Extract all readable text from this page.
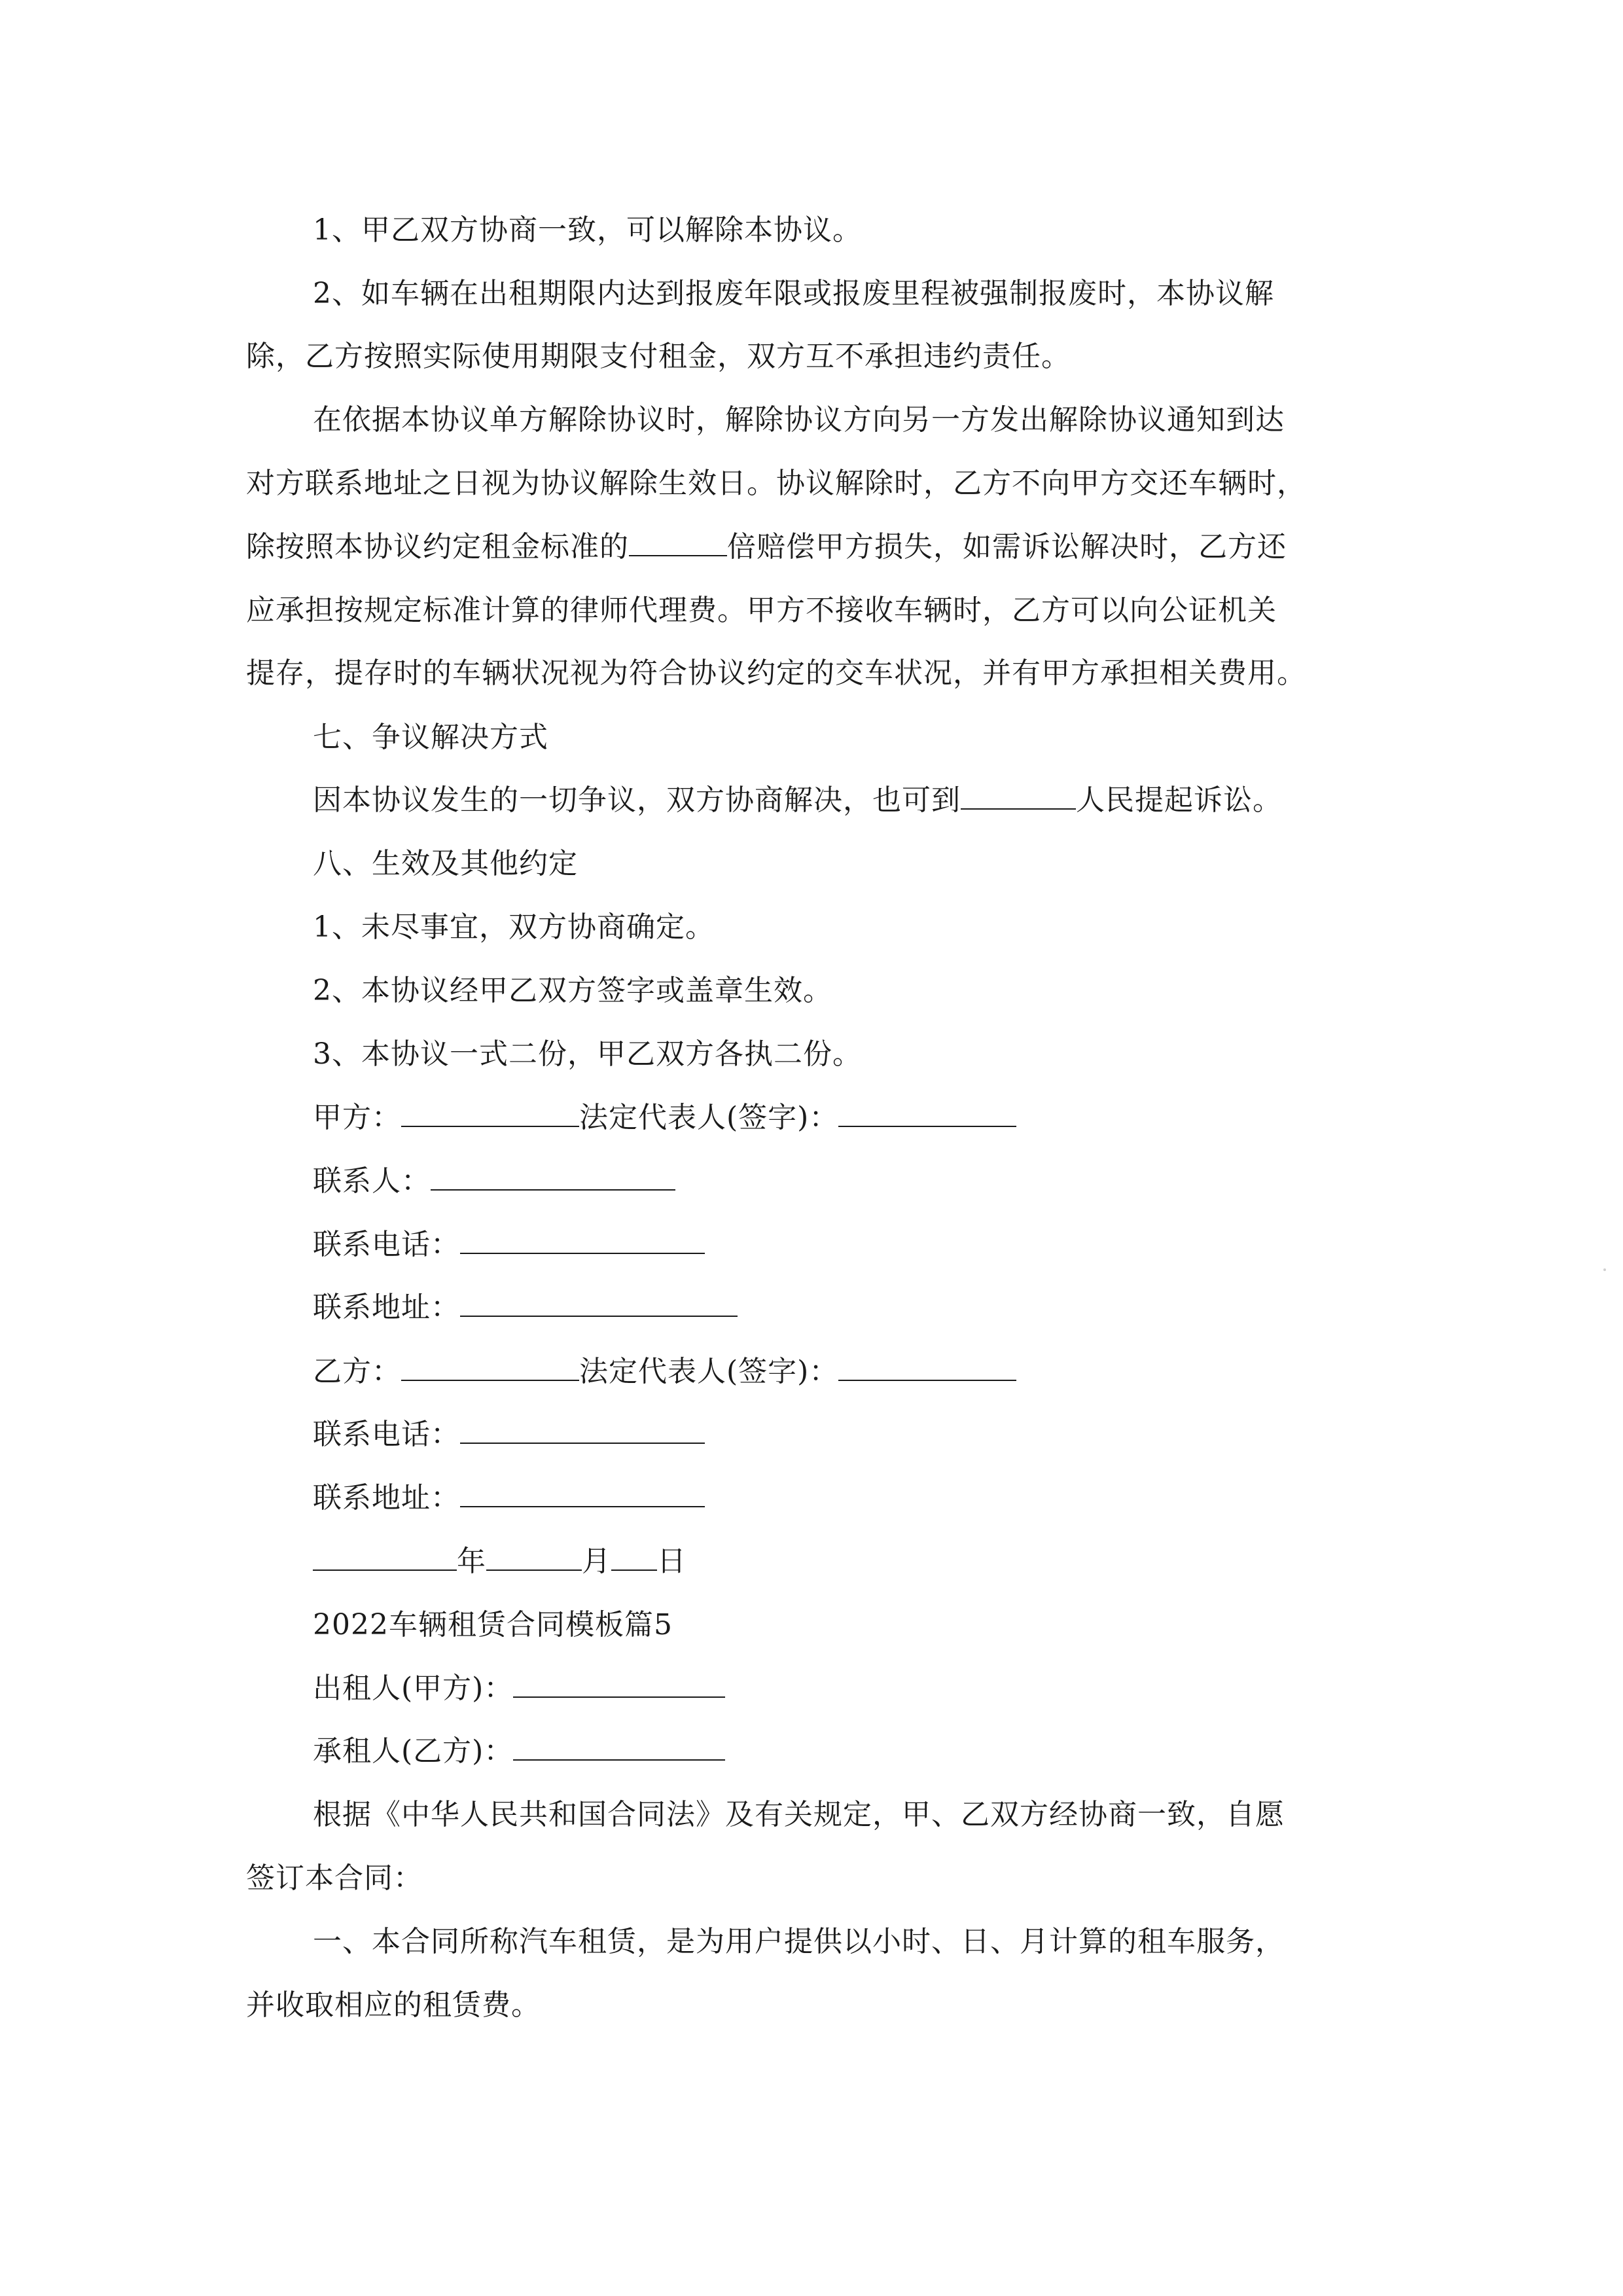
1、甲乙双方协商一致，可以解除本协议。
2、如车辆在出租期限内达到报废年限或报废里程被强制报废时，本协议解
除，乙方按照实际使用期限支付租金，双方互不承担违约责任。
在依据本协议单方解除协议时，解除协议方向另一方发出解除协议通知到达
对方联系地址之日视为协议解除生效日。协议解除时，乙方不向甲方交还车辆时，
除按照本协议约定租金标准的	倍赔偿甲方损失，如需诉讼解决时，乙方还
应承担按规定标准计算的律师代理费。甲方不接收车辆时，乙方可以向公证机关
提存，提存时的车辆状况视为符合协议约定的交车状况，并有甲方承担相关费用。
七、争议解决方式
因本协议发生的一切争议，双方协商解决，也可到	人民提起诉讼。
八、生效及其他约定
1、未尽事宜，双方协商确定。
2、本协议经甲乙双方签字或盖章生效。
3、本协议一式二份，甲乙双方各执二份。
甲方：	法定代表人(签字)：
联系人：
联系电话：
联系地址：
乙方：	法定代表人(签字)：
联系电话：
联系地址：
年	月 日
2022车辆租赁合同模板篇5
出租人(甲方)：
承租人(乙方)：
根据《中华人民共和国合同法》及有关规定，甲、乙双方经协商一致，自愿
签订本合同：
一、本合同所称汽车租赁，是为用户提供以小时、日、月计算的租车服务，
并收取相应的租赁费。
